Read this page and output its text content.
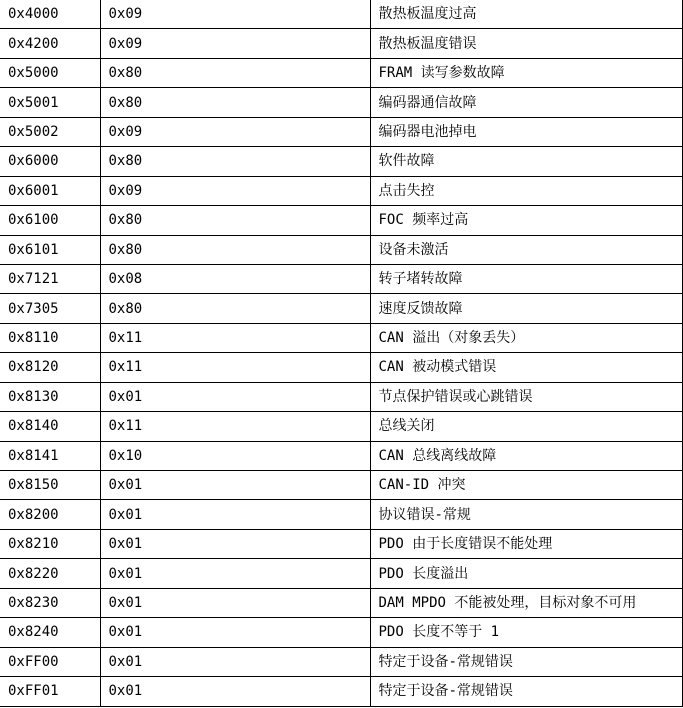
0x4000	0x09	散热板温度过高
0x4200	0x09	散热板温度错误
0x5000	0x80	FRAM 读写参数故障
0x5001	0x80	编码器通信故障
0x5002	0x09	编码器电池掉电
0x6000	0x80	软件故障
0x6001	0x09	点击失控
0x6100	0x80	FOC 频率过高
0x6101	0x80	设备未激活
0x7121	0x08	转子堵转故障
0x7305	0x80	速度反馈故障
0x8110	0x11	CAN 溢出（对象丢失）
0x8120	0x11	CAN 被动模式错误
0x8130	0x01	节点保护错误或心跳错误
0x8140	0x11	总线关闭
0x8141	0x10	CAN 总线离线故障
0x8150	0x01	CAN-ID 冲突
0x8200	0x01	协议错误-常规
0x8210	0x01	PDO 由于长度错误不能处理
0x8220	0x01	PDO 长度溢出
0x8230	0x01	DAM MPDO 不能被处理，目标对象不可用
0x8240	0x01	PDO 长度不等于 1
0xFF00	0x01	特定于设备-常规错误
0xFF01	0x01	特定于设备-常规错误
